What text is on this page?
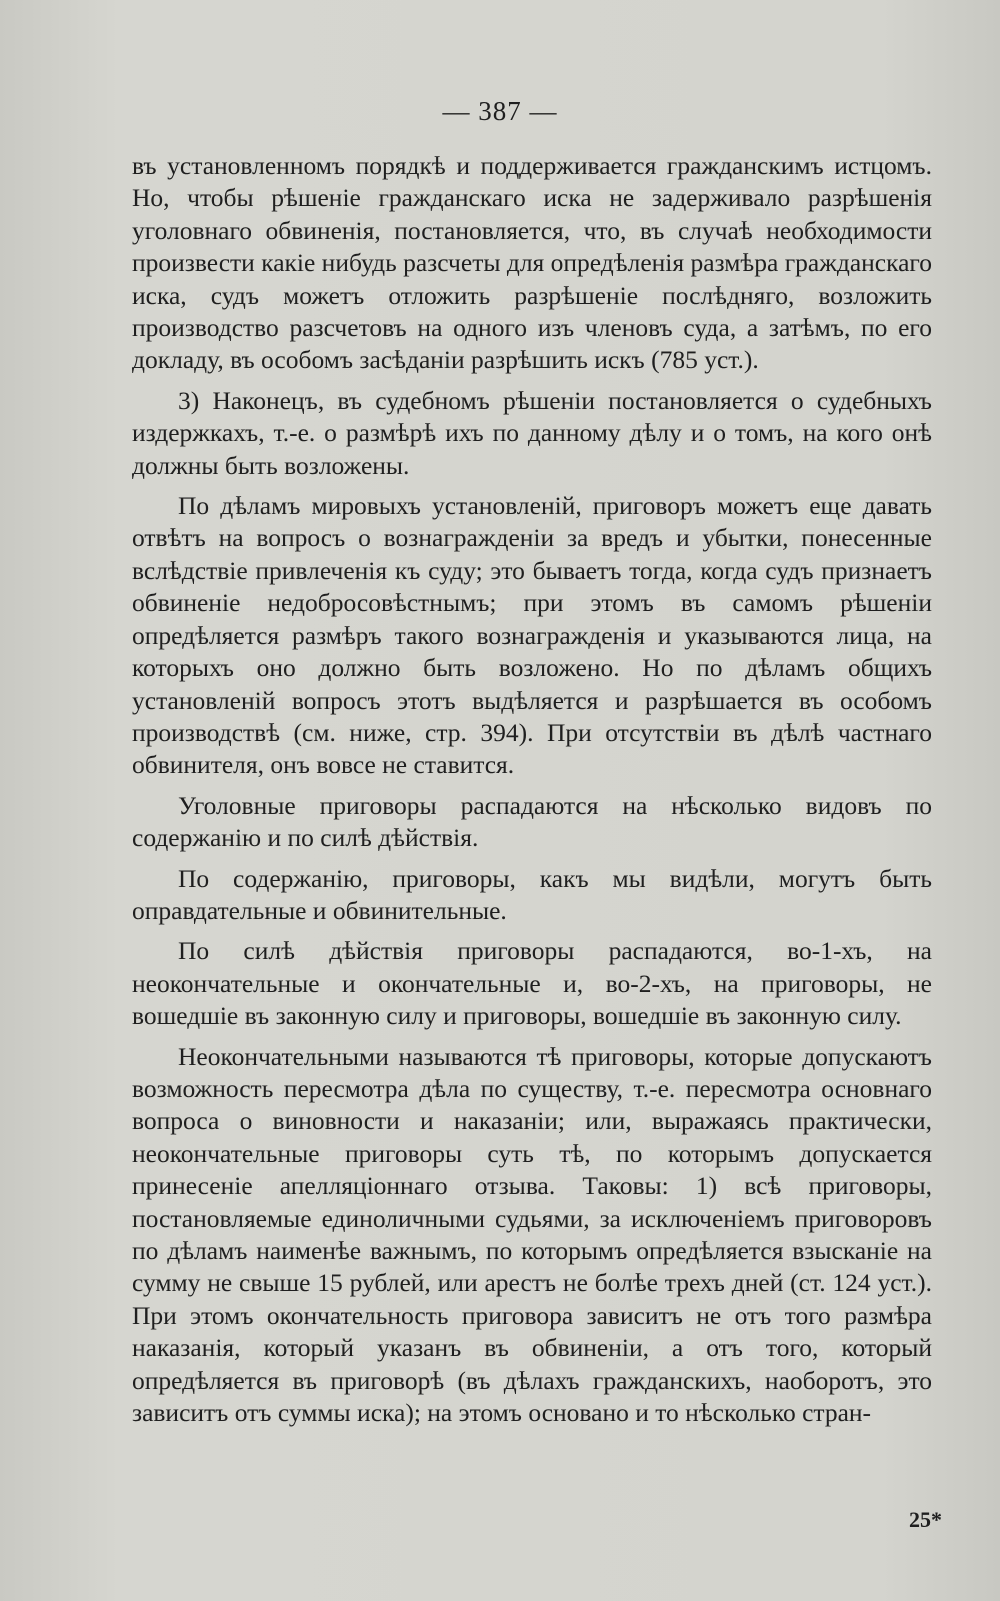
— 387 —

въ установленномъ порядкѣ и поддерживается гражданскимъ истцомъ. Но, чтобы рѣшеніе гражданскаго иска не задерживало разрѣшенія уголовнаго обвиненія, постановляется, что, въ случаѣ необходимости произвести какіе нибудь разсчеты для опредѣленія размѣра гражданскаго иска, судъ можетъ отложить разрѣшеніе послѣдняго, возложить производство разсчетовъ на одного изъ членовъ суда, а затѣмъ, по его докладу, въ особомъ засѣданіи разрѣшить искъ (785 уст.).

3) Наконецъ, въ судебномъ рѣшеніи постановляется о судебныхъ издержкахъ, т.-е. о размѣрѣ ихъ по данному дѣлу и о томъ, на кого онѣ должны быть возложены.

По дѣламъ мировыхъ установленій, приговоръ можетъ еще давать отвѣтъ на вопросъ о вознагражденіи за вредъ и убытки, понесенные вслѣдствіе привлеченія къ суду; это бываетъ тогда, когда судъ признаетъ обвиненіе недобросовѣстнымъ; при этомъ въ самомъ рѣшеніи опредѣляется размѣръ такого вознагражденія и указываются лица, на которыхъ оно должно быть возложено. Но по дѣламъ общихъ установленій вопросъ этотъ выдѣляется и разрѣшается въ особомъ производствѣ (см. ниже, стр. 394). При отсутствіи въ дѣлѣ частнаго обвинителя, онъ вовсе не ставится.

Уголовные приговоры распадаются на нѣсколько видовъ по содержанію и по силѣ дѣйствія.

По содержанію, приговоры, какъ мы видѣли, могутъ быть оправдательные и обвинительные.

По силѣ дѣйствія приговоры распадаются, во-1-хъ, на неокончательные и окончательные и, во-2-хъ, на приговоры, не вошедшіе въ законную силу и приговоры, вошедшіе въ законную силу.

Неокончательными называются тѣ приговоры, которые допускаютъ возможность пересмотра дѣла по существу, т.-е. пересмотра основнаго вопроса о виновности и наказаніи; или, выражаясь практически, неокончательные приговоры суть тѣ, по которымъ допускается принесеніе апелляціоннаго отзыва. Таковы: 1) всѣ приговоры, постановляемые единоличными судьями, за исключеніемъ приговоровъ по дѣламъ наименѣе важнымъ, по которымъ опредѣляется взысканіе на сумму не свыше 15 рублей, или арестъ не болѣе трехъ дней (ст. 124 уст.). При этомъ окончательность приговора зависитъ не отъ того размѣра наказанія, который указанъ въ обвиненіи, а отъ того, который опредѣляется въ приговорѣ (въ дѣлахъ гражданскихъ, наоборотъ, это зависитъ отъ суммы иска); на этомъ основано и то нѣсколько стран-

25*
